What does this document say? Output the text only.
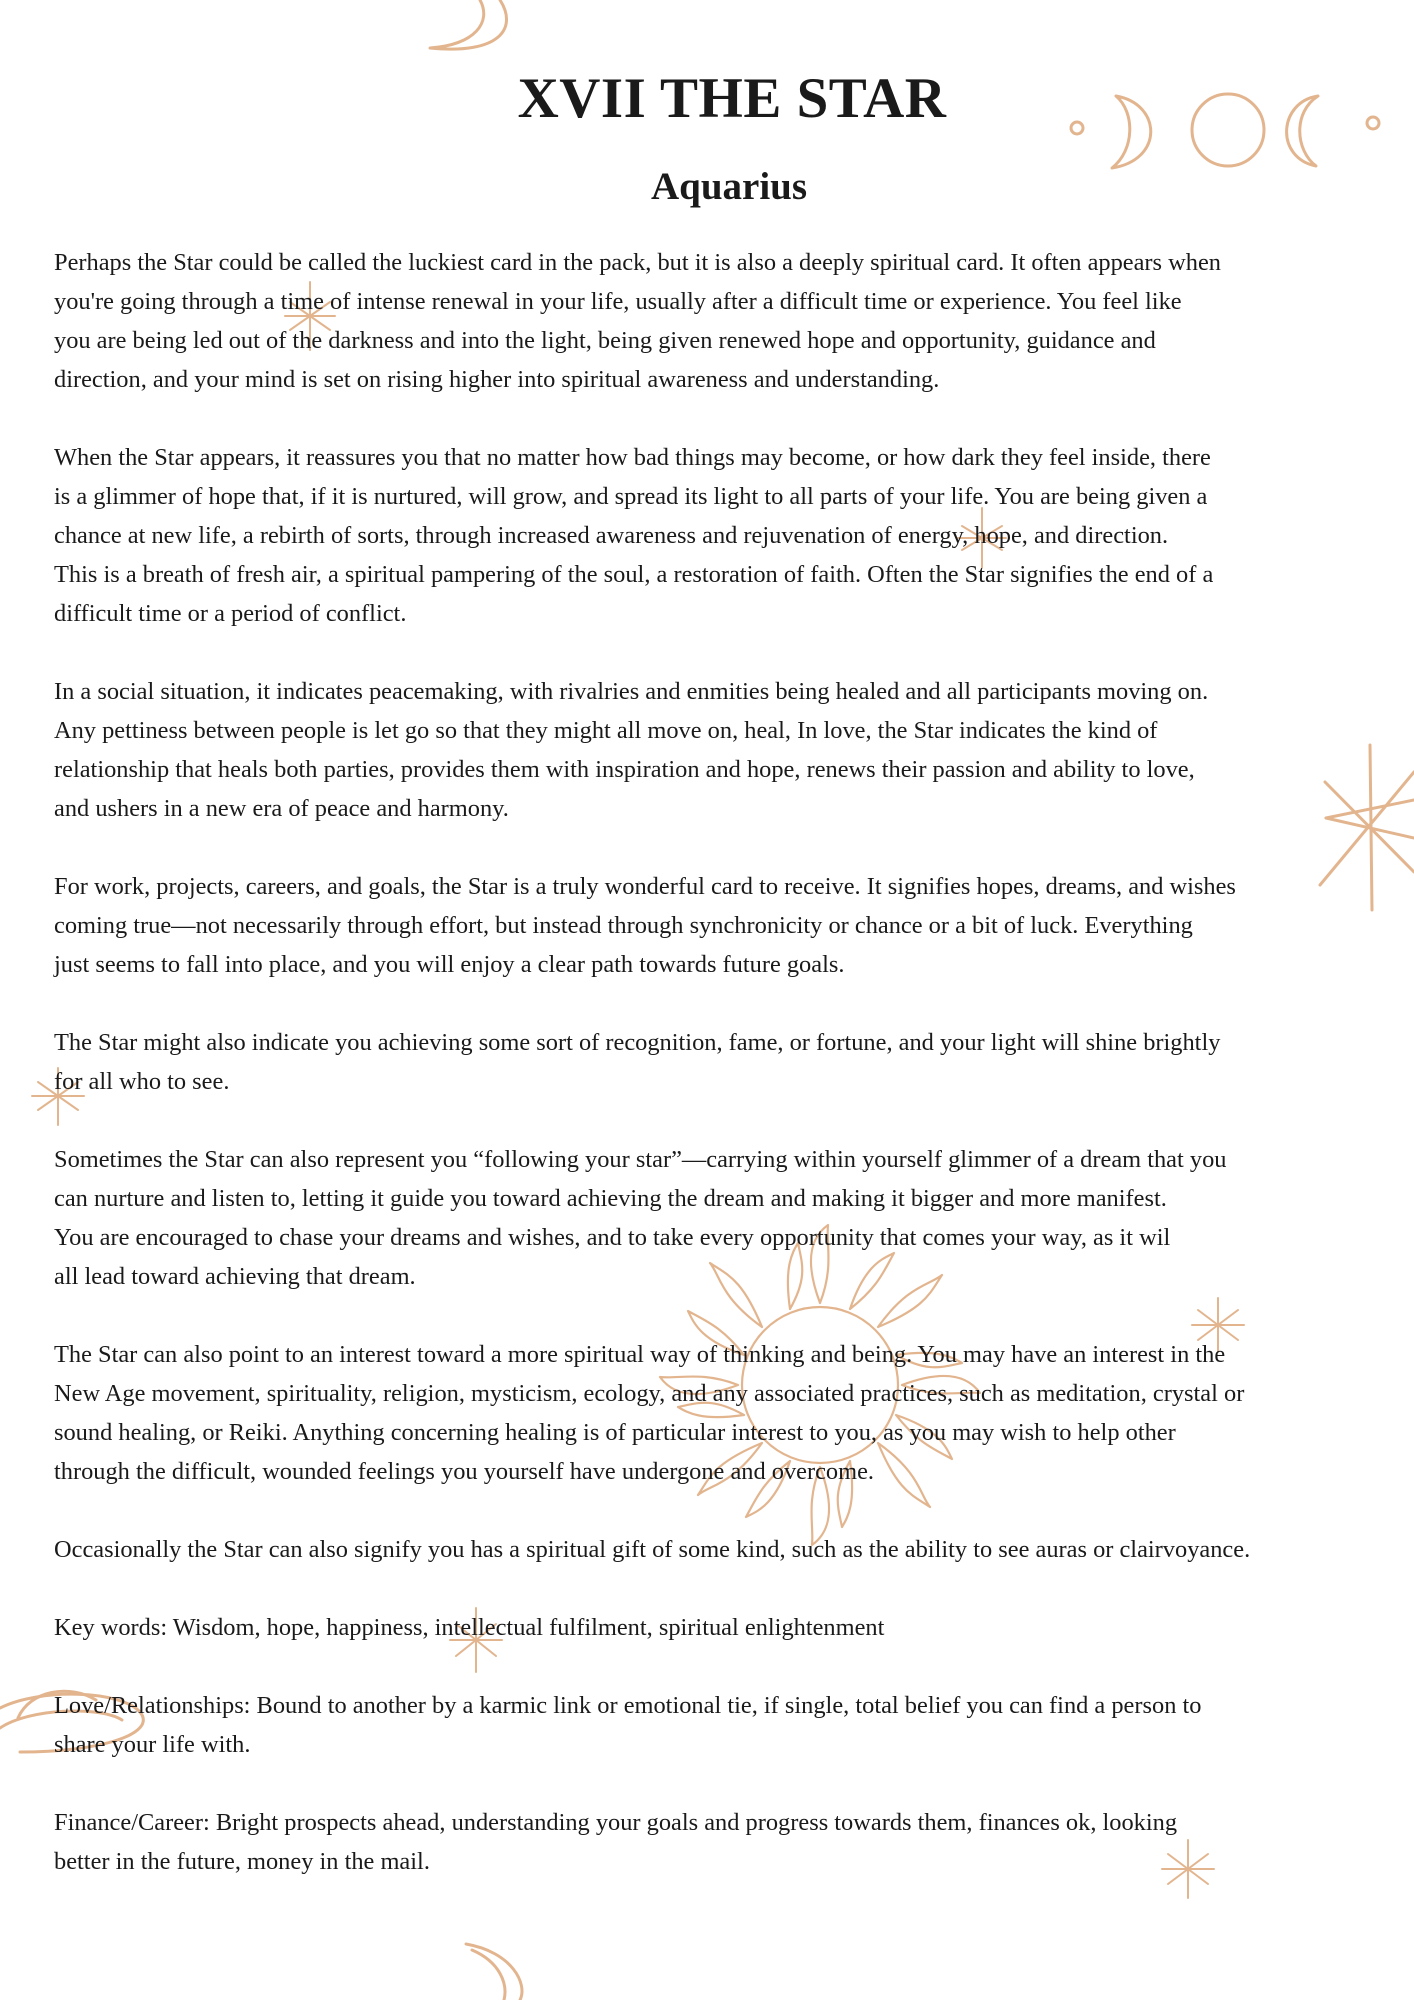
XVII THE STAR
Aquarius

Perhaps the Star could be called the luckiest card in the pack, but it is also a deeply spiritual card. It often appears when
you're going through a time of intense renewal in your life, usually after a difficult time or experience. You feel like
you are being led out of the darkness and into the light, being given renewed hope and opportunity, guidance and
direction, and your mind is set on rising higher into spiritual awareness and understanding.

When the Star appears, it reassures you that no matter how bad things may become, or how dark they feel inside, there
is a glimmer of hope that, if it is nurtured, will grow, and spread its light to all parts of your life. You are being given a
chance at new life, a rebirth of sorts, through increased awareness and rejuvenation of energy, hope, and direction.
This is a breath of fresh air, a spiritual pampering of the soul, a restoration of faith. Often the Star signifies the end of a
difficult time or a period of conflict.

In a social situation, it indicates peacemaking, with rivalries and enmities being healed and all participants moving on.
Any pettiness between people is let go so that they might all move on, heal, In love, the Star indicates the kind of
relationship that heals both parties, provides them with inspiration and hope, renews their passion and ability to love,
and ushers in a new era of peace and harmony.

For work, projects, careers, and goals, the Star is a truly wonderful card to receive. It signifies hopes, dreams, and wishes
coming true—not necessarily through effort, but instead through synchronicity or chance or a bit of luck. Everything
just seems to fall into place, and you will enjoy a clear path towards future goals.

The Star might also indicate you achieving some sort of recognition, fame, or fortune, and your light will shine brightly
for all who to see.

Sometimes the Star can also represent you “following your star”—carrying within yourself glimmer of a dream that you
can nurture and listen to, letting it guide you toward achieving the dream and making it bigger and more manifest.
You are encouraged to chase your dreams and wishes, and to take every opportunity that comes your way, as it wil
all lead toward achieving that dream.

The Star can also point to an interest toward a more spiritual way of thinking and being. You may have an interest in the
New Age movement, spirituality, religion, mysticism, ecology, and any associated practices, such as meditation, crystal or
sound healing, or Reiki. Anything concerning healing is of particular interest to you, as you may wish to help other
through the difficult, wounded feelings you yourself have undergone and overcome.

Occasionally the Star can also signify you has a spiritual gift of some kind, such as the ability to see auras or clairvoyance.

Key words: Wisdom, hope, happiness, intellectual fulfilment, spiritual enlightenment

Love/Relationships: Bound to another by a karmic link or emotional tie, if single, total belief you can find a person to
share your life with.

Finance/Career: Bright prospects ahead, understanding your goals and progress towards them, finances ok, looking
better in the future, money in the mail.
